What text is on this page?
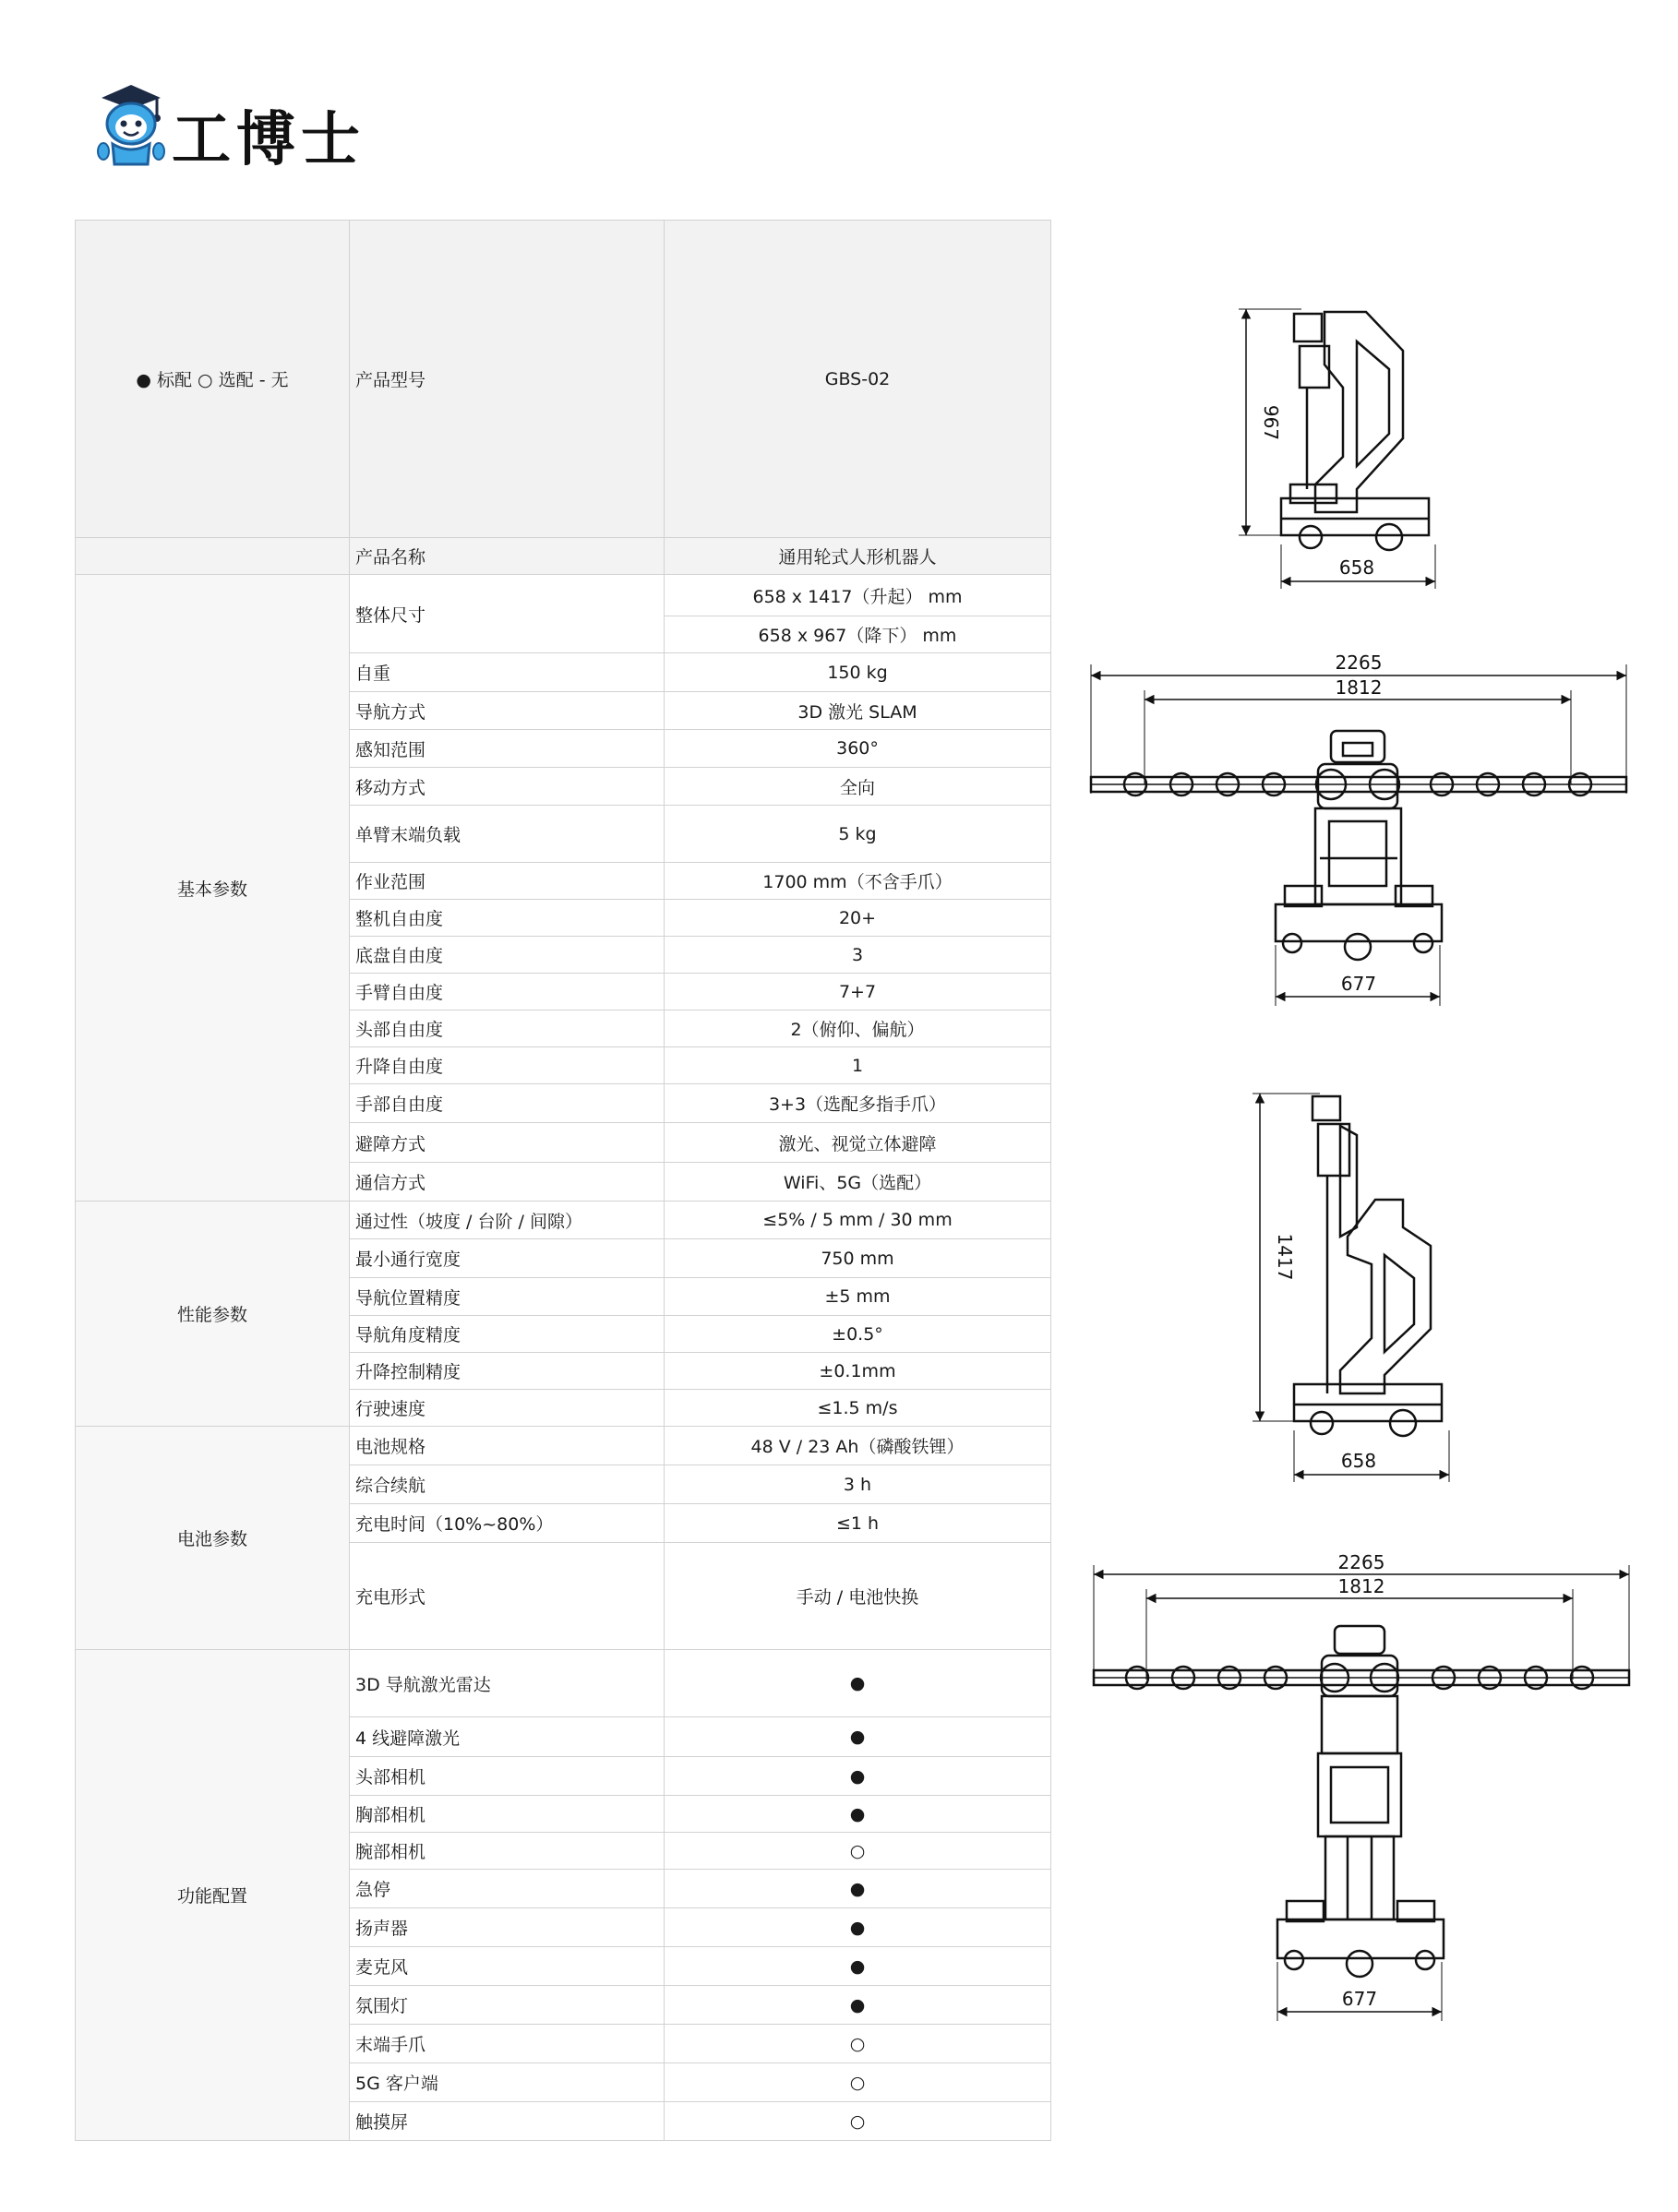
工博士
● 标配 ○ 选配 - 无	产品型号	GBS-02
	产品名称	通用轮式人形机器人
基本参数	整体尺寸	658 x 1417（升起） mm
		658 x 967（降下） mm
	自重	150 kg
	导航方式	3D 激光 SLAM
	感知范围	360°
	移动方式	全向
	单臂末端负载	5 kg
	作业范围	1700 mm（不含手爪）
	整机自由度	20+
	底盘自由度	3
	手臂自由度	7+7
	头部自由度	2（俯仰、偏航）
	升降自由度	1
	手部自由度	3+3（选配多指手爪）
	避障方式	激光、视觉立体避障
	通信方式	WiFi、5G（选配）
性能参数	通过性（坡度 / 台阶 / 间隙）	≤5% / 5 mm / 30 mm
	最小通行宽度	750 mm
	导航位置精度	±5 mm
	导航角度精度	±0.5°
	升降控制精度	±0.1mm
	行驶速度	≤1.5 m/s
电池参数	电池规格	48 V / 23 Ah（磷酸铁锂）
	综合续航	3 h
	充电时间（10%~80%）	≤1 h
	充电形式	手动 / 电池快换
功能配置	3D 导航激光雷达	●
	4 线避障激光	●
	头部相机	●
	胸部相机	●
	腕部相机	○
	急停	●
	扬声器	●
	麦克风	●
	氛围灯	●
	末端手爪	○
	5G 客户端	○
	触摸屏	○
967
658
2265
1812
677
1417
658
2265
1812
677
